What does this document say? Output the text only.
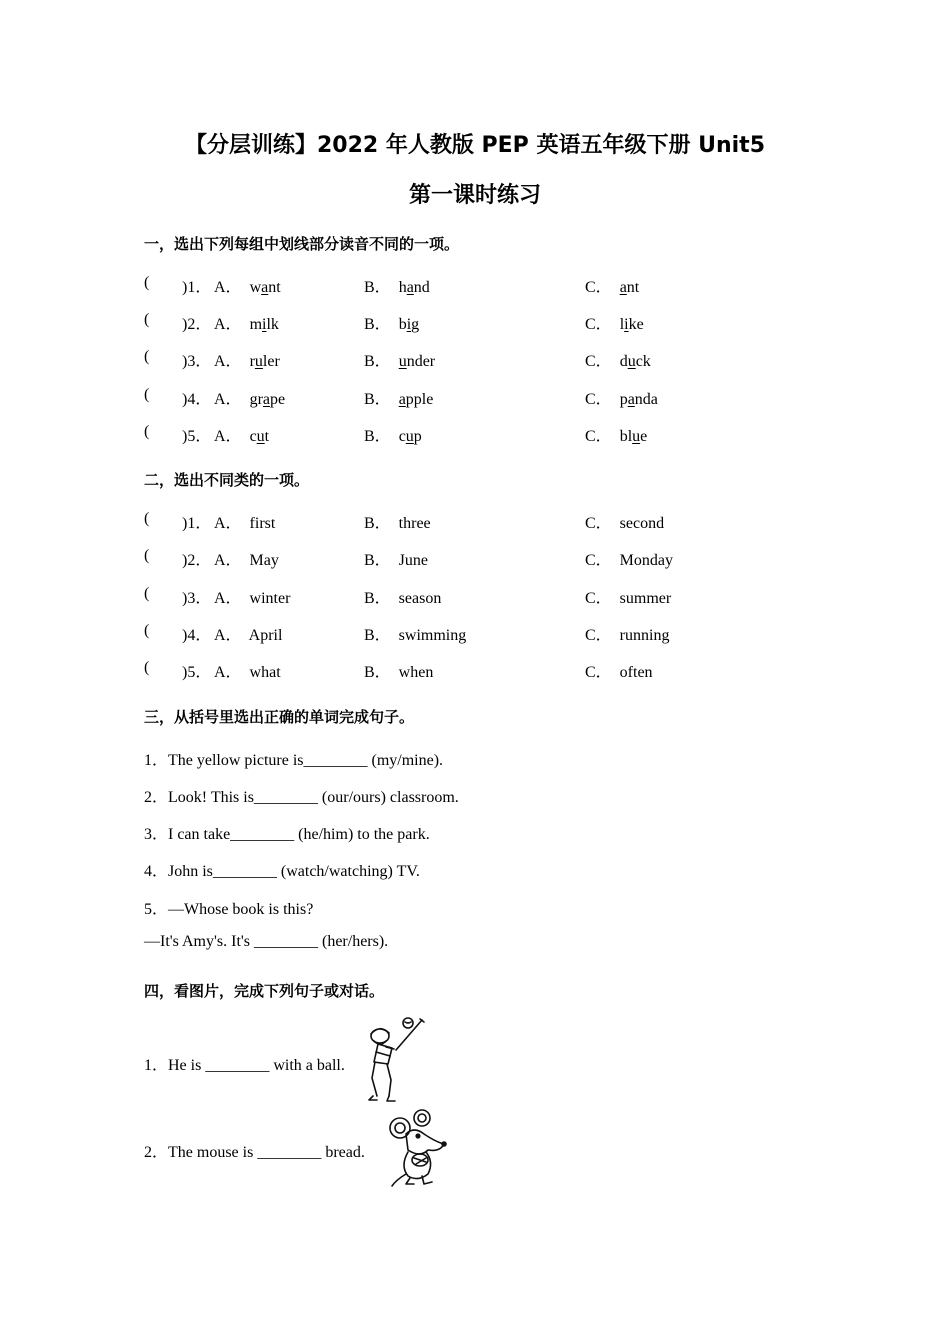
【分层训练】2022 年人教版 PEP 英语五年级下册 Unit5
第一课时练习
一，选出下列每组中划线部分读音不同的一项。
( )1． A． want	B． hand	C． ant
( )2． A． milk	B． big	C． like
( )3． A． ruler	B． under	C． duck
( )4． A． grape	B． apple	C． panda
( )5． A． cut	B． cup	C． blue
二，选出不同类的一项。
( )1． A．  first	B．  three	C．  second
( )2． A．  May	B．  June	C．  Monday
( )3． A．  winter	B．  season	C．  summer
( )4． A．  April	B．  swimming	C．  running
( )5． A．  what	B．  when	C．  often
三，从括号里选出正确的单词完成句子。
1．The yellow picture is________ (my/mine).
2．Look! This is________ (our/ours) classroom.
3．I can take________ (he/him) to the park.
4．John is________ (watch/watching) TV.
5．—Whose book is this?
—It's Amy's. It's ________ (her/hers).
四，看图片，完成下列句子或对话。
1．He is ________ with a ball.
2．The mouse is ________ bread.
